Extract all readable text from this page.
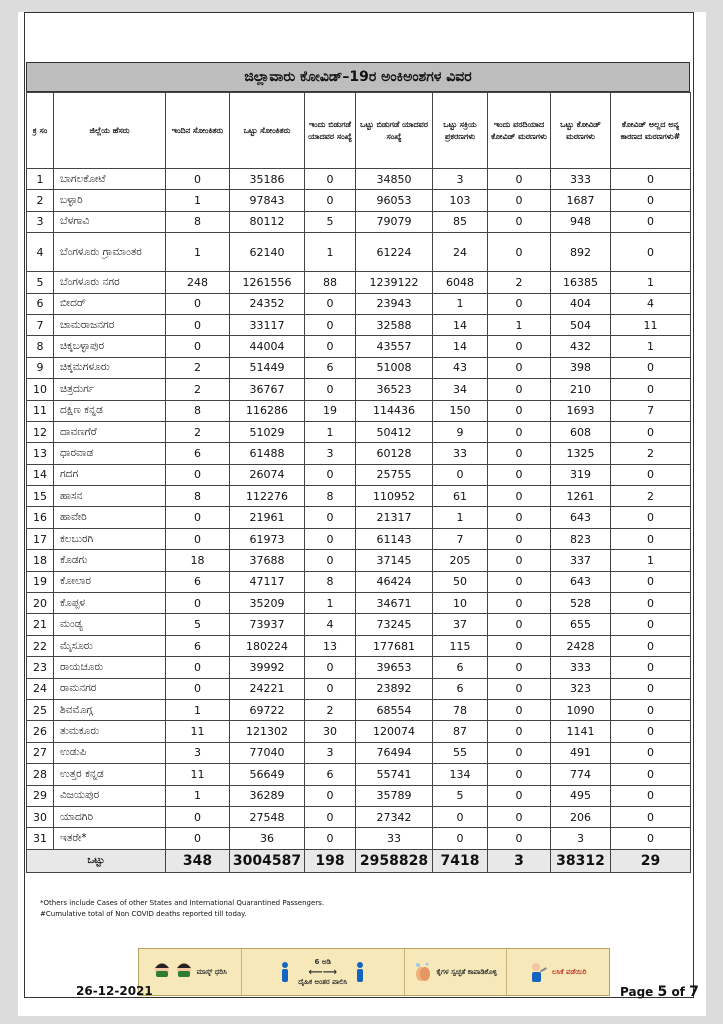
ಜಿಲ್ಲಾವಾರು ಕೋವಿಡ್–19ರ ಅಂಕಿಅಂಶಗಳ ವಿವರ
ಕ್ರ ಸಂ	ಜಿಲ್ಲೆಯ ಹೆಸರು	ಇಂದಿನ ಸೋಂಕಿತರು	ಒಟ್ಟು ಸೋಂಕಿತರು	ಇಂದು ಬಿಡುಗಡೆ ಯಾದವರ ಸಂಖ್ಯೆ	ಒಟ್ಟು ಬಿಡುಗಡೆ ಯಾದವರ ಸಂಖ್ಯೆ	ಒಟ್ಟು ಸಕ್ರಿಯ ಪ್ರಕರಣಗಳು	ಇಂದು ವರದಿಯಾದ ಕೋವಿಡ್ ಮರಣಗಳು	ಒಟ್ಟು ಕೋವಿಡ್ ಮರಣಗಳು	ಕೋವಿಡ್ ಅಲ್ಲದ ಅನ್ಯ ಕಾರಣದ ಮರಣಗಳು#
1	ಬಾಗಲಕೋಟೆ	0	35186	0	34850	3	0	333	0
2	ಬಳ್ಳಾರಿ	1	97843	0	96053	103	0	1687	0
3	ಬೆಳಗಾವಿ	8	80112	5	79079	85	0	948	0
4	ಬೆಂಗಳೂರು ಗ್ರಾಮಾಂತರ	1	62140	1	61224	24	0	892	0
5	ಬೆಂಗಳೂರು ನಗರ	248	1261556	88	1239122	6048	2	16385	1
6	ಬೀದರ್	0	24352	0	23943	1	0	404	4
7	ಚಾಮರಾಜನಗರ	0	33117	0	32588	14	1	504	11
8	ಚಿಕ್ಕಬಳ್ಳಾಪುರ	0	44004	0	43557	14	0	432	1
9	ಚಿಕ್ಕಮಗಳೂರು	2	51449	6	51008	43	0	398	0
10	ಚಿತ್ರದುರ್ಗ	2	36767	0	36523	34	0	210	0
11	ದಕ್ಷಿಣ ಕನ್ನಡ	8	116286	19	114436	150	0	1693	7
12	ದಾವಣಗೆರೆ	2	51029	1	50412	9	0	608	0
13	ಧಾರವಾಡ	6	61488	3	60128	33	0	1325	2
14	ಗದಗ	0	26074	0	25755	0	0	319	0
15	ಹಾಸನ	8	112276	8	110952	61	0	1261	2
16	ಹಾವೇರಿ	0	21961	0	21317	1	0	643	0
17	ಕಲಬುರಗಿ	0	61973	0	61143	7	0	823	0
18	ಕೊಡಗು	18	37688	0	37145	205	0	337	1
19	ಕೋಲಾರ	6	47117	8	46424	50	0	643	0
20	ಕೊಪ್ಪಳ	0	35209	1	34671	10	0	528	0
21	ಮಂಡ್ಯ	5	73937	4	73245	37	0	655	0
22	ಮೈಸೂರು	6	180224	13	177681	115	0	2428	0
23	ರಾಯಚೂರು	0	39992	0	39653	6	0	333	0
24	ರಾಮನಗರ	0	24221	0	23892	6	0	323	0
25	ಶಿವಮೊಗ್ಗ	1	69722	2	68554	78	0	1090	0
26	ತುಮಕೂರು	11	121302	30	120074	87	0	1141	0
27	ಉಡುಪಿ	3	77040	3	76494	55	0	491	0
28	ಉತ್ತರ ಕನ್ನಡ	11	56649	6	55741	134	0	774	0
29	ವಿಜಯಪುರ	1	36289	0	35789	5	0	495	0
30	ಯಾದಗಿರಿ	0	27548	0	27342	0	0	206	0
31	ಇತರೇ*	0	36	0	33	0	0	3	0
ಒಟ್ಟು		348	3004587	198	2958828	7418	3	38312	29
*Others include Cases of other States and International Quarantined Passengers.
#Cumulative total of Non COVID deaths reported till today.
ಮಾಸ್ಕ್ ಧರಿಸಿ
6 ಅಡಿ
⟵⟶
ದೈಹಿಕ ಅಂತರ ಪಾಲಿಸಿ
ಕೈಗಳ ಸ್ವಚ್ಛತೆ ಕಾಪಾಡಿಕೊಳ್ಳಿ	ಲಸಿಕೆ ಪಡೆಯಿರಿ
26-12-2021	Page 5 of 7
